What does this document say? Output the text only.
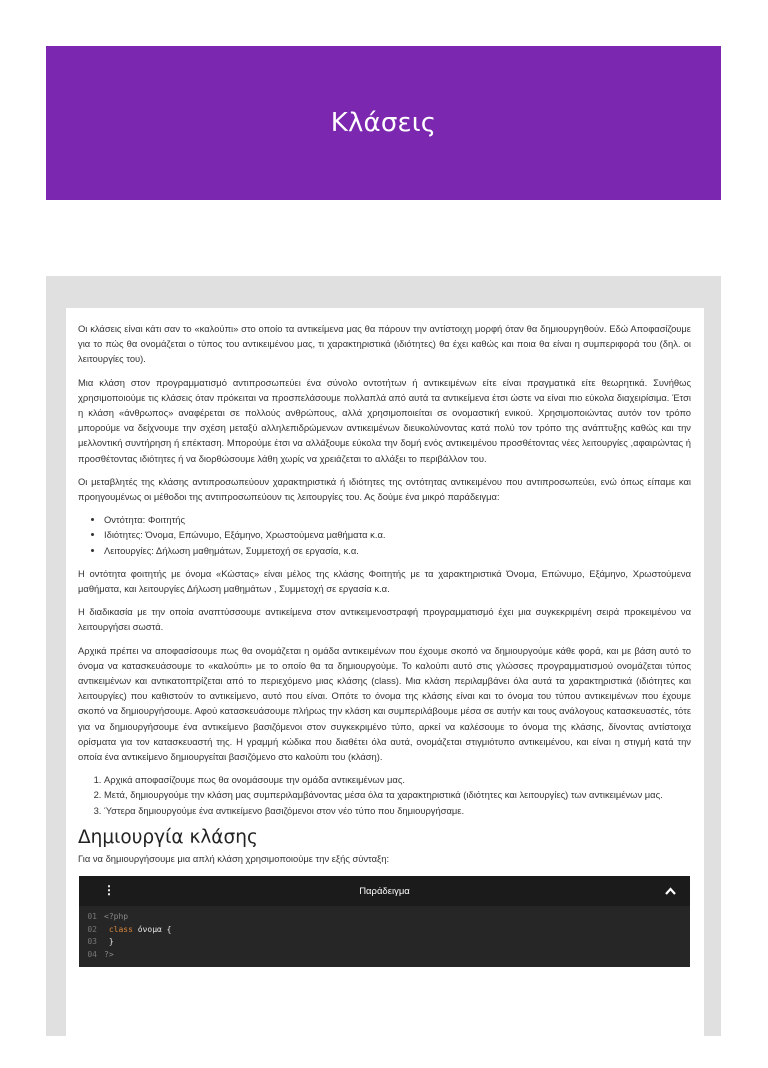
Κλάσεις

Οι κλάσεις είναι κάτι σαν το «καλούπι» στο οποίο τα αντικείμενα μας θα πάρουν την αντίστοιχη μορφή όταν θα δημιουργηθούν. Εδώ Αποφασίζουμε για το πώς θα ονομάζεται ο τύπος του αντικειμένου μας, τι χαρακτηριστικά (ιδιότητες) θα έχει καθώς και ποια θα είναι η συμπεριφορά του (δηλ. οι λειτουργίες του).

Μια κλάση στον προγραμματισμό αντιπροσωπεύει ένα σύνολο οντοτήτων ή αντικειμένων είτε είναι πραγματικά είτε θεωρητικά. Συνήθως χρησιμοποιούμε τις κλάσεις όταν πρόκειται να προσπελάσουμε πολλαπλά από αυτά τα αντικείμενα έτσι ώστε να είναι πιο εύκολα διαχειρίσιμα. Έτσι η κλάση «άνθρωπος» αναφέρεται σε πολλούς ανθρώπους, αλλά χρησιμοποιείται σε ονομαστική ενικού. Χρησιμοποιώντας αυτόν τον τρόπο μπορούμε να δείχνουμε την σχέση μεταξύ αλληλεπιδρώμενων αντικειμένων διευκολύνοντας κατά πολύ τον τρόπο της ανάπτυξης καθώς και την μελλοντική συντήρηση ή επέκταση. Μπορούμε έτσι να αλλάξουμε εύκολα την δομή ενός αντικειμένου προσθέτοντας νέες λειτουργίες ,αφαιρώντας ή προσθέτοντας ιδιότητες ή να διορθώσουμε λάθη χωρίς να χρειάζεται το αλλάξει το περιβάλλον του.

Οι μεταβλητές της κλάσης αντιπροσωπεύουν χαρακτηριστικά ή ιδιότητες της οντότητας αντικειμένου που αντιπροσωπεύει, ενώ όπως είπαμε και προηγουμένως οι μέθοδοι της αντιπροσωπεύουν τις λειτουργίες του. Ας δούμε ένα μικρό παράδειγμα:

• Οντότητα: Φοιτητής
• Ιδιότητες: Όνομα, Επώνυμο, Εξάμηνο, Χρωστούμενα μαθήματα κ.α.
• Λειτουργίες: Δήλωση μαθημάτων, Συμμετοχή σε εργασία, κ.α.

Η οντότητα φοιτητής με όνομα «Κώστας» είναι μέλος της κλάσης Φοιτητής με τα χαρακτηριστικά Όνομα, Επώνυμο, Εξάμηνο, Χρωστούμενα μαθήματα, και λειτουργίες Δήλωση μαθημάτων , Συμμετοχή σε εργασία κ.α.

Η διαδικασία με την οποία αναπτύσσουμε αντικείμενα στον αντικειμενοστραφή προγραμματισμό έχει μια συγκεκριμένη σειρά προκειμένου να λειτουργήσει σωστά.

Αρχικά πρέπει να αποφασίσουμε πως θα ονομάζεται η ομάδα αντικειμένων που έχουμε σκοπό να δημιουργούμε κάθε φορά, και με βάση αυτό το όνομα να κατασκευάσουμε το «καλούπι» με το οποίο θα τα δημιουργούμε. Το καλούπι αυτό στις γλώσσες προγραμματισμού ονομάζεται τύπος αντικειμένων και αντικατοπτρίζεται από το περιεχόμενο μιας κλάσης (class). Μια κλάση περιλαμβάνει όλα αυτά τα χαρακτηριστικά (ιδιότητες και λειτουργίες) που καθιστούν το αντικείμενο, αυτό που είναι. Οπότε το όνομα της κλάσης είναι και το όνομα του τύπου αντικειμένων που έχουμε σκοπό να δημιουργήσουμε. Αφού κατασκευάσουμε πλήρως την κλάση και συμπεριλάβουμε μέσα σε αυτήν και τους ανάλογους κατασκευαστές, τότε για να δημιουργήσουμε ένα αντικείμενο βασιζόμενοι στον συγκεκριμένο τύπο, αρκεί να καλέσουμε το όνομα της κλάσης, δίνοντας αντίστοιχα ορίσματα για τον κατασκευαστή της. Η γραμμή κώδικα που διαθέτει όλα αυτά, ονομάζεται στιγμιότυπο αντικειμένου, και είναι η στιγμή κατά την οποία ένα αντικείμενο δημιουργείται βασιζόμενο στο καλούπι του (κλάση).

1. Αρχικά αποφασίζουμε πως θα ονομάσουμε την ομάδα αντικειμένων μας.
2. Μετά, δημιουργούμε την κλάση μας συμπεριλαμβάνοντας μέσα όλα τα χαρακτηριστικά (ιδιότητες και λειτουργίες) των αντικειμένων μας.
3. Ύστερα δημιουργούμε ένα αντικείμενο βασιζόμενοι στον νέο τύπο που δημιουργήσαμε.
Δημιουργία κλάσης

Για να δημιουργήσουμε μια απλή κλάση χρησιμοποιούμε την εξής σύνταξη:

⋮	Παράδειγμα
01 <?php
02
	class όνομα {
03 }
04 ?>
